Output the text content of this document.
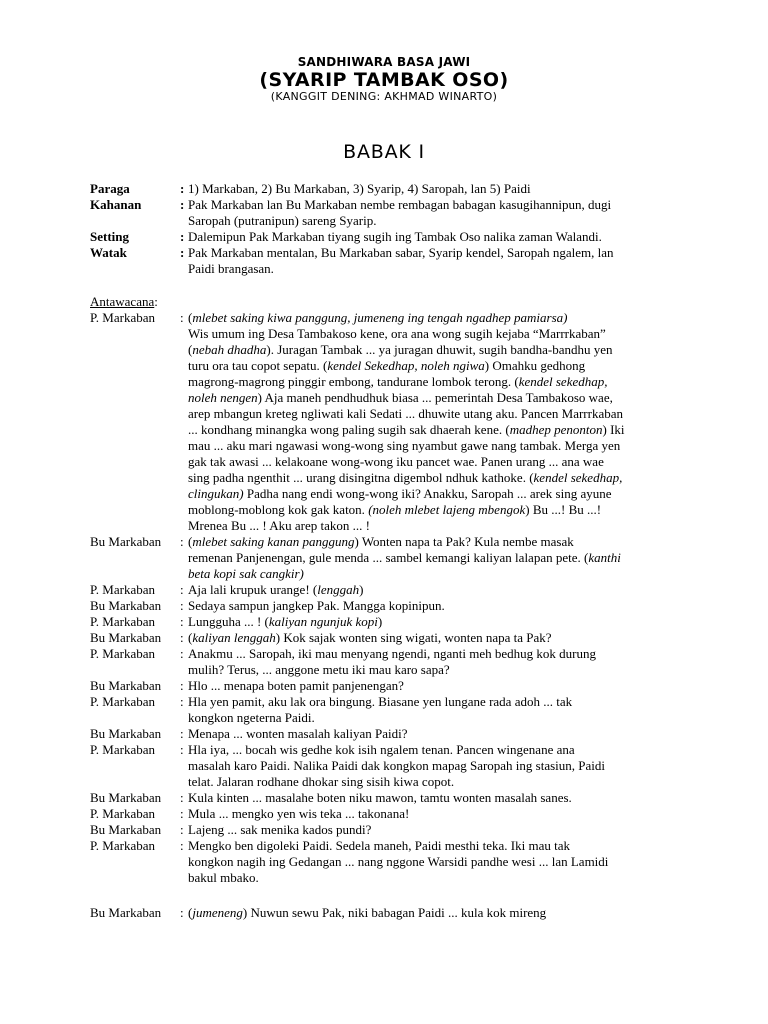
SANDHIWARA BASA JAWI
(SYARIP TAMBAK OSO)
(KANGGIT DENING: AKHMAD WINARTO)
BABAK I
Paraga	: 1) Markaban, 2) Bu Markaban, 3) Syarip, 4) Saropah, lan 5) Paidi
Kahanan	: Pak Markaban lan Bu Markaban nembe rembagan babagan kasugihannipun, dugi
Saropah (putranipun) sareng Syarip.
Setting	: Dalemipun Pak Markaban tiyang sugih ing Tambak Oso nalika zaman Walandi.
Watak	: Pak Markaban mentalan, Bu Markaban sabar, Syarip kendel, Saropah ngalem, lan
Paidi brangasan.
Antawacana:
P. Markaban : (mlebet saking kiwa panggung, jumeneng ing tengah ngadhep pamiarsa)
Wis umum ing Desa Tambakoso kene, ora ana wong sugih kejaba “Marrrkaban”
(nebah dhadha). Juragan Tambak ... ya juragan dhuwit, sugih bandha-bandhu yen
turu ora tau copot sepatu. (kendel Sekedhap, noleh ngiwa) Omahku gedhong
magrong-magrong pinggir embong, tandurane lombok terong. (kendel sekedhap,
noleh nengen) Aja maneh pendhudhuk biasa ... pemerintah Desa Tambakoso wae,
arep mbangun kreteg ngliwati kali Sedati ... dhuwite utang aku. Pancen Marrrkaban
... kondhang minangka wong paling sugih sak dhaerah kene. (madhep penonton) Iki
mau ... aku mari ngawasi wong-wong sing nyambut gawe nang tambak. Merga yen
gak tak awasi ... kelakoane wong-wong iku pancet wae. Panen urang ... ana wae
sing padha ngenthit ... urang disingitna digembol ndhuk kathoke. (kendel sekedhap,
clingukan) Padha nang endi wong-wong iki? Anakku, Saropah ... arek sing ayune
moblong-moblong kok gak katon. (noleh mlebet lajeng mbengok) Bu ...! Bu ...!
Mrenea Bu ... ! Aku arep takon ... !
Bu Markaban : (mlebet saking kanan panggung) Wonten napa ta Pak? Kula nembe masak
remenan Panjenengan, gule menda ... sambel kemangi kaliyan lalapan pete. (kanthi
beta kopi sak cangkir)
P. Markaban : Aja lali krupuk urange! (lenggah)
Bu Markaban : Sedaya sampun jangkep Pak. Mangga kopinipun.
P. Markaban : Lungguha ... ! (kaliyan ngunjuk kopi)
Bu Markaban : (kaliyan lenggah) Kok sajak wonten sing wigati, wonten napa ta Pak?
P. Markaban : Anakmu ... Saropah, iki mau menyang ngendi, nganti meh bedhug kok durung
mulih? Terus, ... anggone metu iki mau karo sapa?
Bu Markaban : Hlo ... menapa boten pamit panjenengan?
P. Markaban : Hla yen pamit, aku lak ora bingung. Biasane yen lungane rada adoh ... tak
kongkon ngeterna Paidi.
Bu Markaban : Menapa ... wonten masalah kaliyan Paidi?
P. Markaban : Hla iya, ... bocah wis gedhe kok isih ngalem tenan. Pancen wingenane ana
masalah karo Paidi. Nalika Paidi dak kongkon mapag Saropah ing stasiun, Paidi
telat. Jalaran rodhane dhokar sing sisih kiwa copot.
Bu Markaban : Kula kinten ... masalahe boten niku mawon, tamtu wonten masalah sanes.
P. Markaban : Mula ... mengko yen wis teka ... takonana!
Bu Markaban : Lajeng ... sak menika kados pundi?
P. Markaban : Mengko ben digoleki Paidi. Sedela maneh, Paidi mesthi teka. Iki mau tak
kongkon nagih ing Gedangan ... nang nggone Warsidi pandhe wesi ... lan Lamidi
bakul mbako.
Bu Markaban : (jumeneng) Nuwun sewu Pak, niki babagan Paidi ... kula kok mireng
